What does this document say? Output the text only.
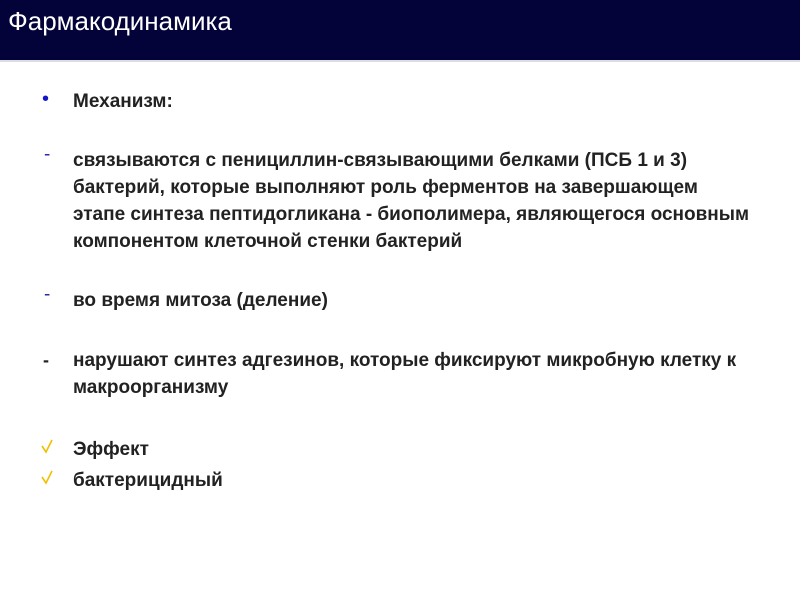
Фармакодинамика
• Механизм:
- связываются с пенициллин-связывающими белками (ПСБ 1 и 3) бактерий, которые выполняют роль ферментов на завершающем этапе синтеза пептидогликана - биополимера, являющегося основным компонентом клеточной стенки бактерий
- во время митоза (деление)
- нарушают синтез адгезинов, которые фиксируют микробную клетку к макроорганизму
Эффект
бактерицидный
